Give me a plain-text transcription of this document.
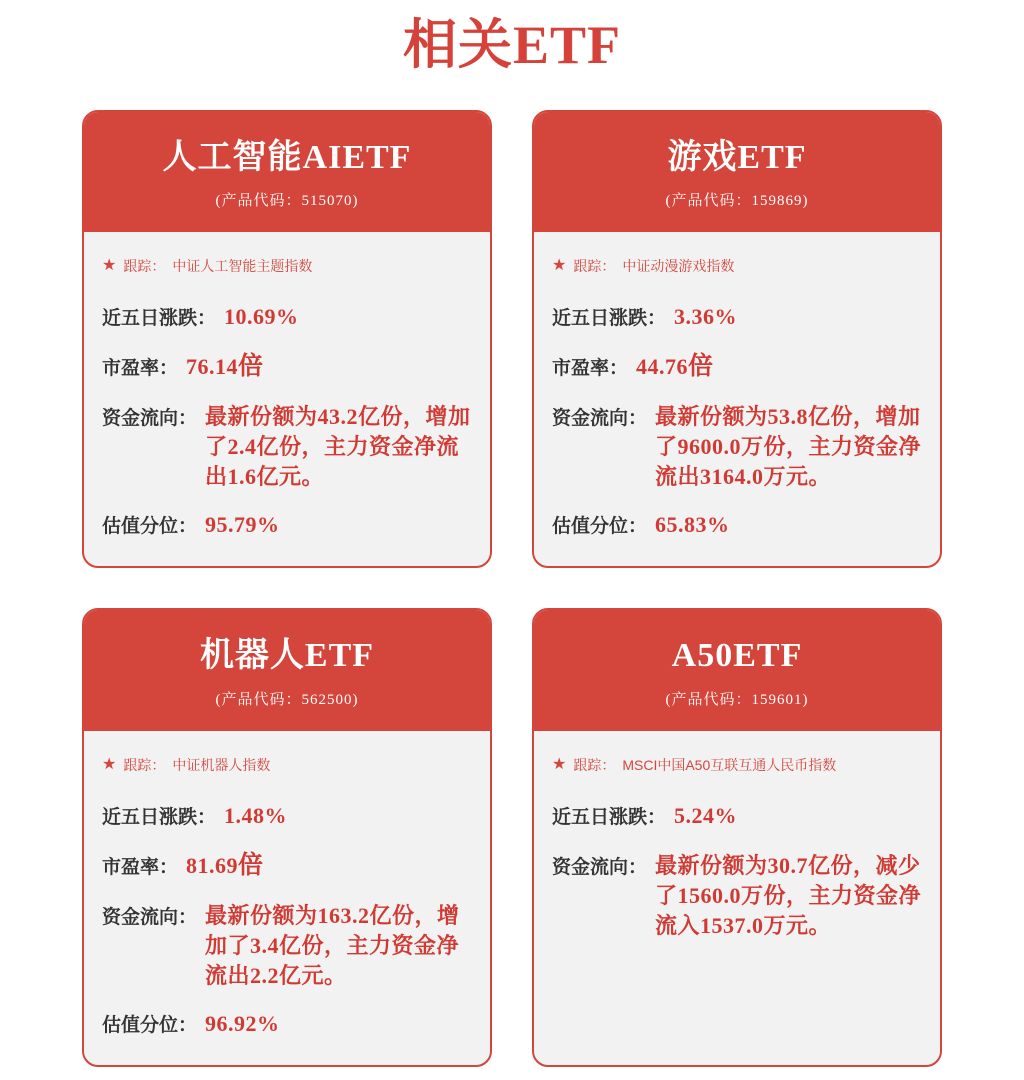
相关ETF
人工智能AIETF
(产品代码：515070)
★ 跟踪： 中证人工智能主题指数
近五日涨跌： 10.69%
市盈率： 76.14倍
资金流向： 最新份额为43.2亿份，增加了2.4亿份，主力资金净流出1.6亿元。
估值分位： 95.79%
游戏ETF
(产品代码：159869)
★ 跟踪： 中证动漫游戏指数
近五日涨跌： 3.36%
市盈率： 44.76倍
资金流向： 最新份额为53.8亿份，增加了9600.0万份，主力资金净流出3164.0万元。
估值分位： 65.83%
机器人ETF
(产品代码：562500)
★ 跟踪： 中证机器人指数
近五日涨跌： 1.48%
市盈率： 81.69倍
资金流向： 最新份额为163.2亿份，增加了3.4亿份，主力资金净流出2.2亿元。
估值分位： 96.92%
A50ETF
(产品代码：159601)
★ 跟踪： MSCI中国A50互联互通人民币指数
近五日涨跌： 5.24%
资金流向： 最新份额为30.7亿份，减少了1560.0万份，主力资金净流入1537.0万元。
